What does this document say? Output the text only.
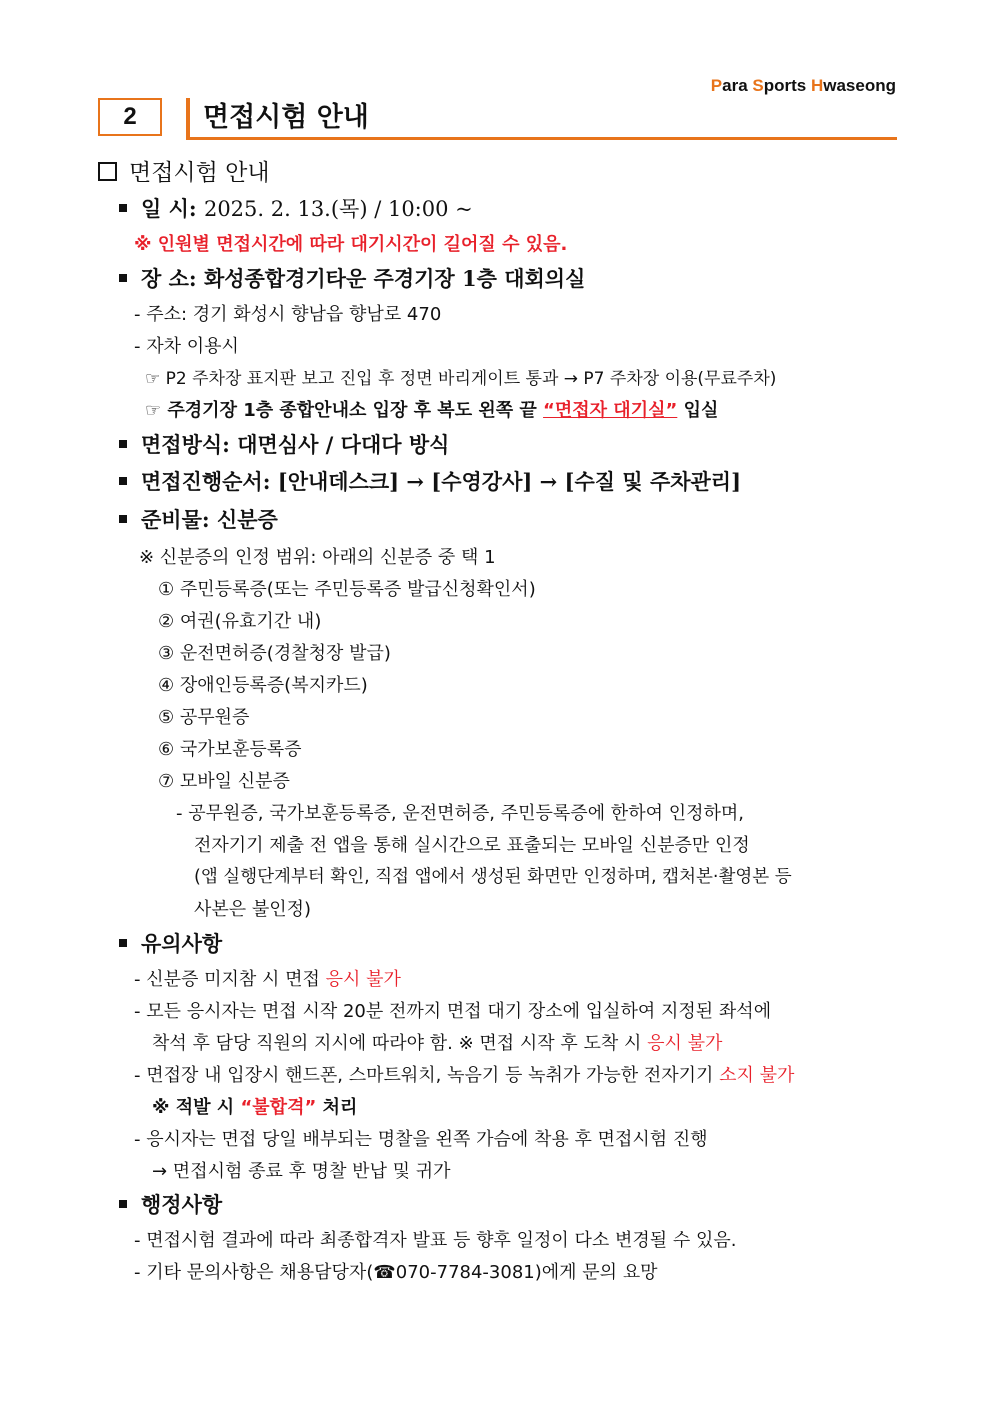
Para Sports Hwaseong
2	면접시험 안내
면접시험 안내
일 시: 2025. 2. 13.(목) / 10:00 ~
※ 인원별 면접시간에 따라 대기시간이 길어질 수 있음.
장 소: 화성종합경기타운 주경기장 1층 대회의실
- 주소: 경기 화성시 향남읍 향남로 470
- 자차 이용시
☞ P2 주차장 표지판 보고 진입 후 정면 바리게이트 통과 → P7 주차장 이용(무료주차)
☞ 주경기장 1층 종합안내소 입장 후 복도 왼쪽 끝 “면접자 대기실” 입실
면접방식: 대면심사 / 다대다 방식
면접진행순서: [안내데스크] → [수영강사] → [수질 및 주차관리]
준비물: 신분증
※ 신분증의 인정 범위: 아래의 신분증 중 택 1
① 주민등록증(또는 주민등록증 발급신청확인서)
② 여권(유효기간 내)
③ 운전면허증(경찰청장 발급)
④ 장애인등록증(복지카드)
⑤ 공무원증
⑥ 국가보훈등록증
⑦ 모바일 신분증
- 공무원증, 국가보훈등록증, 운전면허증, 주민등록증에 한하여 인정하며,
전자기기 제출 전 앱을 통해 실시간으로 표출되는 모바일 신분증만 인정
(앱 실행단계부터 확인, 직접 앱에서 생성된 화면만 인정하며, 캡처본·촬영본 등
사본은 불인정)
유의사항
- 신분증 미지참 시 면접 응시 불가
- 모든 응시자는 면접 시작 20분 전까지 면접 대기 장소에 입실하여 지정된 좌석에
착석 후 담당 직원의 지시에 따라야 함. ※ 면접 시작 후 도착 시 응시 불가
- 면접장 내 입장시 핸드폰, 스마트워치, 녹음기 등 녹취가 가능한 전자기기 소지 불가
※ 적발 시 “불합격” 처리
- 응시자는 면접 당일 배부되는 명찰을 왼쪽 가슴에 착용 후 면접시험 진행
→ 면접시험 종료 후 명찰 반납 및 귀가
행정사항
- 면접시험 결과에 따라 최종합격자 발표 등 향후 일정이 다소 변경될 수 있음.
- 기타 문의사항은 채용담당자(☎070-7784-3081)에게 문의 요망
